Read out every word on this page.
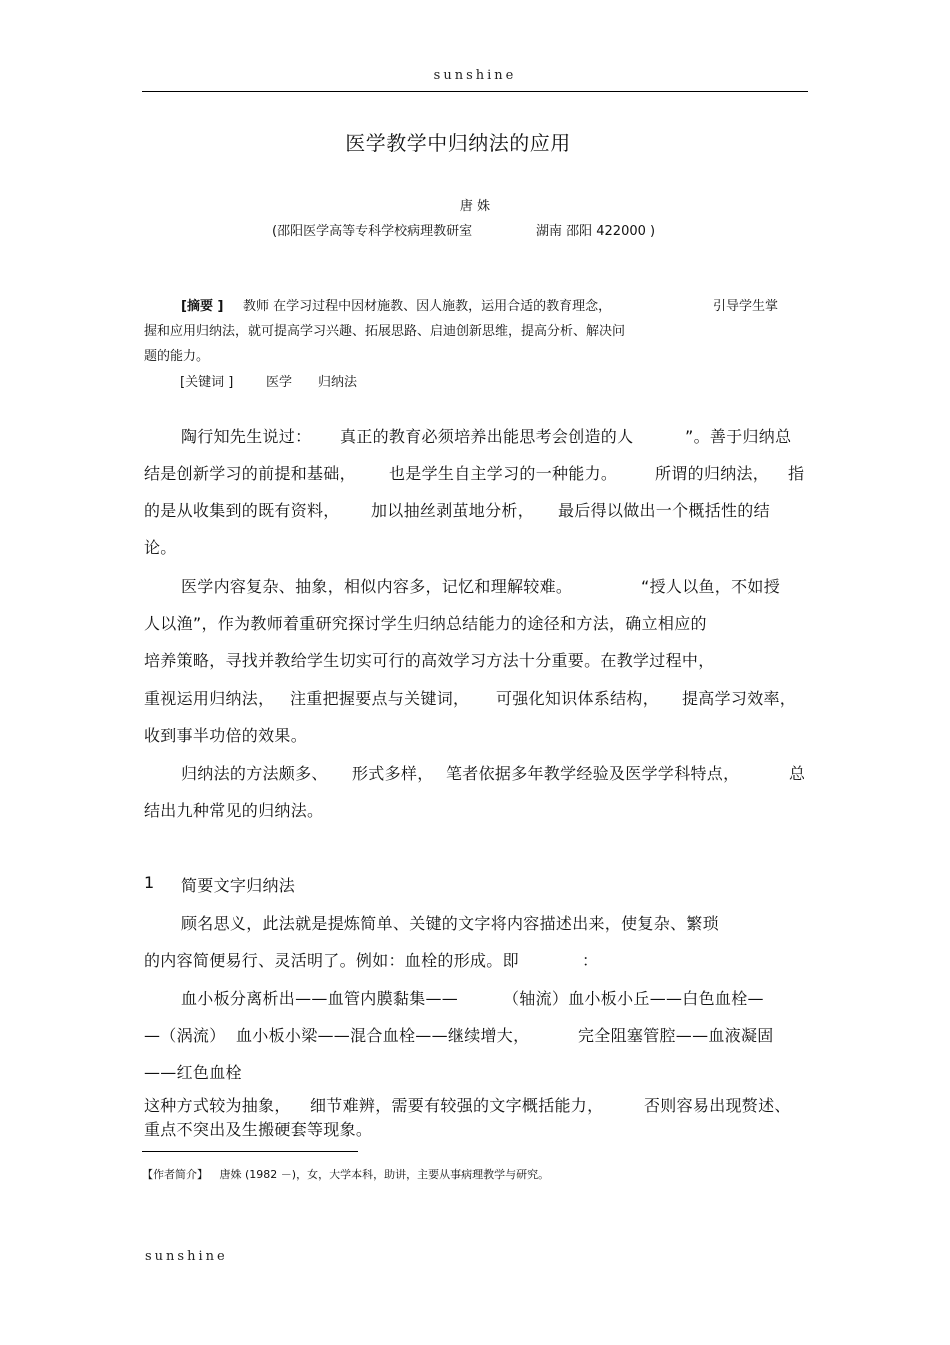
sunshine
医学教学中归纳法的应用
唐 姝
(邵阳医学高等专科学校病理教研室	湖南 邵阳 422000 )
[摘要 ] 教师 在学习过程中因材施教、因人施教，运用合适的教育理念，	引导学生掌
握和应用归纳法，就可提高学习兴趣、拓展思路、启迪创新思维，提高分析、解决问
题的能力。
[关键词 ]	医学 归纳法
陶行知先生说过： 真正的教育必须培养出能思考会创造的人	”。善于归纳总
结是创新学习的前提和基础， 也是学生自主学习的一种能力。 所谓的归纳法， 指
的是从收集到的既有资料， 加以抽丝剥茧地分析， 最后得以做出一个概括性的结
论。
医学内容复杂、抽象，相似内容多，记忆和理解较难。	“授人以鱼，不如授
人以渔”，作为教师着重研究探讨学生归纳总结能力的途径和方法，确立相应的
培养策略，寻找并教给学生切实可行的高效学习方法十分重要。在教学过程中，
重视运用归纳法， 注重把握要点与关键词， 可强化知识体系结构， 提高学习效率，
收到事半功倍的效果。
归纳法的方法颇多、 形式多样， 笔者依据多年教学经验及医学学科特点，	总
结出九种常见的归纳法。
1 简要文字归纳法
顾名思义，此法就是提炼简单、关键的文字将内容描述出来，使复杂、繁琐
的内容简便易行、灵活明了。例如：血栓的形成。即	：
血小板分离析出——血管内膜黏集——	（轴流）血小板小丘——白色血栓—
—（涡流） 血小板小梁——混合血栓——继续增大，	完全阻塞管腔——血液凝固
——红色血栓
这种方式较为抽象， 细节难辨，需要有较强的文字概括能力，	否则容易出现赘述、
重点不突出及生搬硬套等现象。
【作者简介】 唐姝 (1982 －)，女，大学本科，助讲，主要从事病理教学与研究。
sunshine
